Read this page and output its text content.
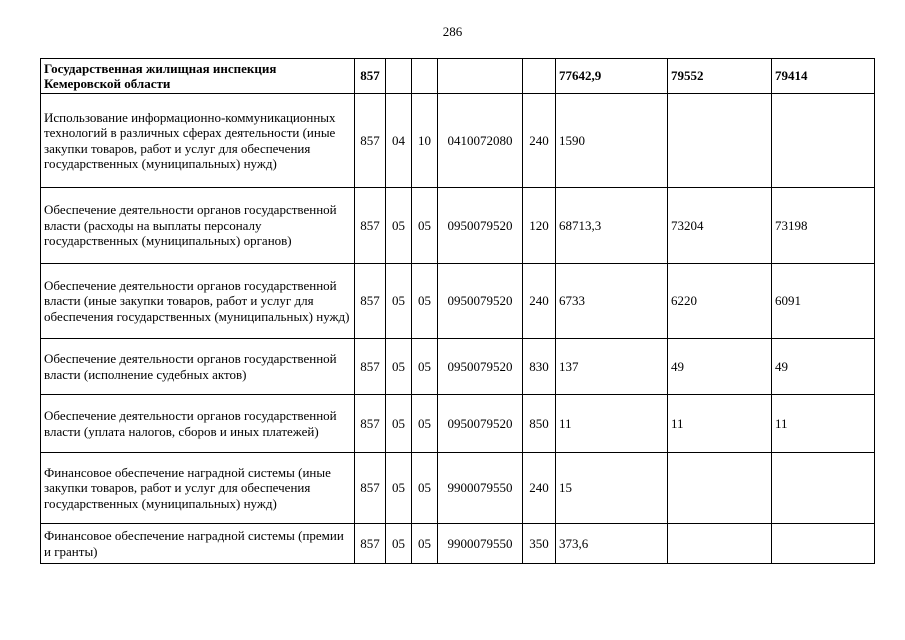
286
Государственная жилищная инспекция Кемеровской области	857					77642,9	79552	79414
Использование информационно-коммуникационных технологий в различных сферах деятельности (иные закупки товаров, работ и услуг для обеспечения государственных (муниципальных) нужд)	857	04	10	0410072080	240	1590		
Обеспечение деятельности органов государственной власти (расходы на выплаты персоналу государственных (муниципальных) органов)	857	05	05	0950079520	120	68713,3	73204	73198
Обеспечение деятельности органов государственной власти (иные закупки товаров, работ и услуг для обеспечения государственных (муниципальных) нужд)	857	05	05	0950079520	240	6733	6220	6091
Обеспечение деятельности органов государственной власти (исполнение судебных актов)	857	05	05	0950079520	830	137	49	49
Обеспечение деятельности органов государственной власти (уплата налогов, сборов и иных платежей)	857	05	05	0950079520	850	11	11	11
Финансовое обеспечение наградной системы (иные закупки товаров, работ и услуг для обеспечения государственных (муниципальных) нужд)	857	05	05	9900079550	240	15		
Финансовое обеспечение наградной системы (премии и гранты)	857	05	05	9900079550	350	373,6		
